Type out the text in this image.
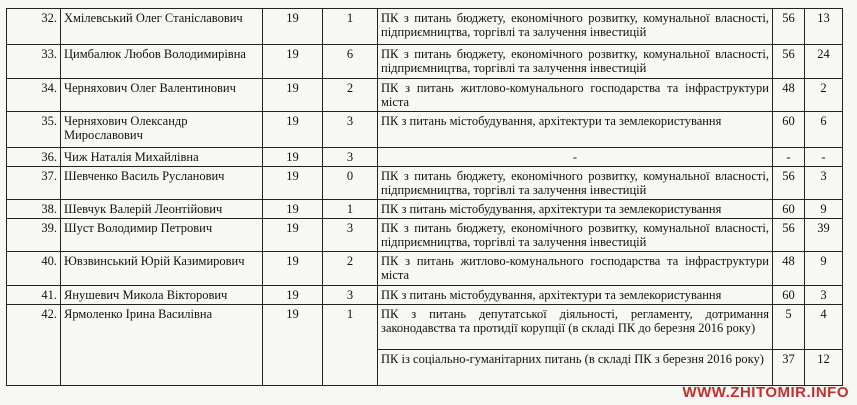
32.	Хмілевський Олег Станіславович	19	1	ПК з питань бюджету, економічного розвитку, комунальної власності, підприємництва, торгівлі та залучення інвестицій	56	13
33.	Цимбалюк Любов Володимирівна	19	6	ПК з питань бюджету, економічного розвитку, комунальної власності, підприємництва, торгівлі та залучення інвестицій	56	24
34.	Черняхович Олег Валентинович	19	2	ПК з питань житлово-комунального господарства та інфраструктури міста	48	2
35.	Черняхович Олександр Мирославович	19	3	ПК з питань містобудування, архітектури та землекористування	60	6
36.	Чиж Наталія Михайлівна	19	3	-	-	-
37.	Шевченко Василь Русланович	19	0	ПК з питань бюджету, економічного розвитку, комунальної власності, підприємництва, торгівлі та залучення інвестицій	56	3
38.	Шевчук Валерій Леонтійович	19	1	ПК з питань містобудування, архітектури та землекористування	60	9
39.	Шуст Володимир Петрович	19	3	ПК з питань бюджету, економічного розвитку, комунальної власності, підприємництва, торгівлі та залучення інвестицій	56	39
40.	Ювзвинський Юрій Казимирович	19	2	ПК з питань житлово-комунального господарства та інфраструктури міста	48	9
41.	Янушевич Микола Вікторович	19	3	ПК з питань містобудування, архітектури та землекористування	60	3
42.	Ярмоленко Ірина Василівна	19	1	ПК з питань депутатської діяльності, регламенту, дотримання законодавства та протидії корупції (в складі ПК до березня 2016 року)	5	4
				ПК із соціально-гуманітарних питань (в складі ПК з березня 2016 року)	37	12
WWW.ZHITOMIR.INFO
